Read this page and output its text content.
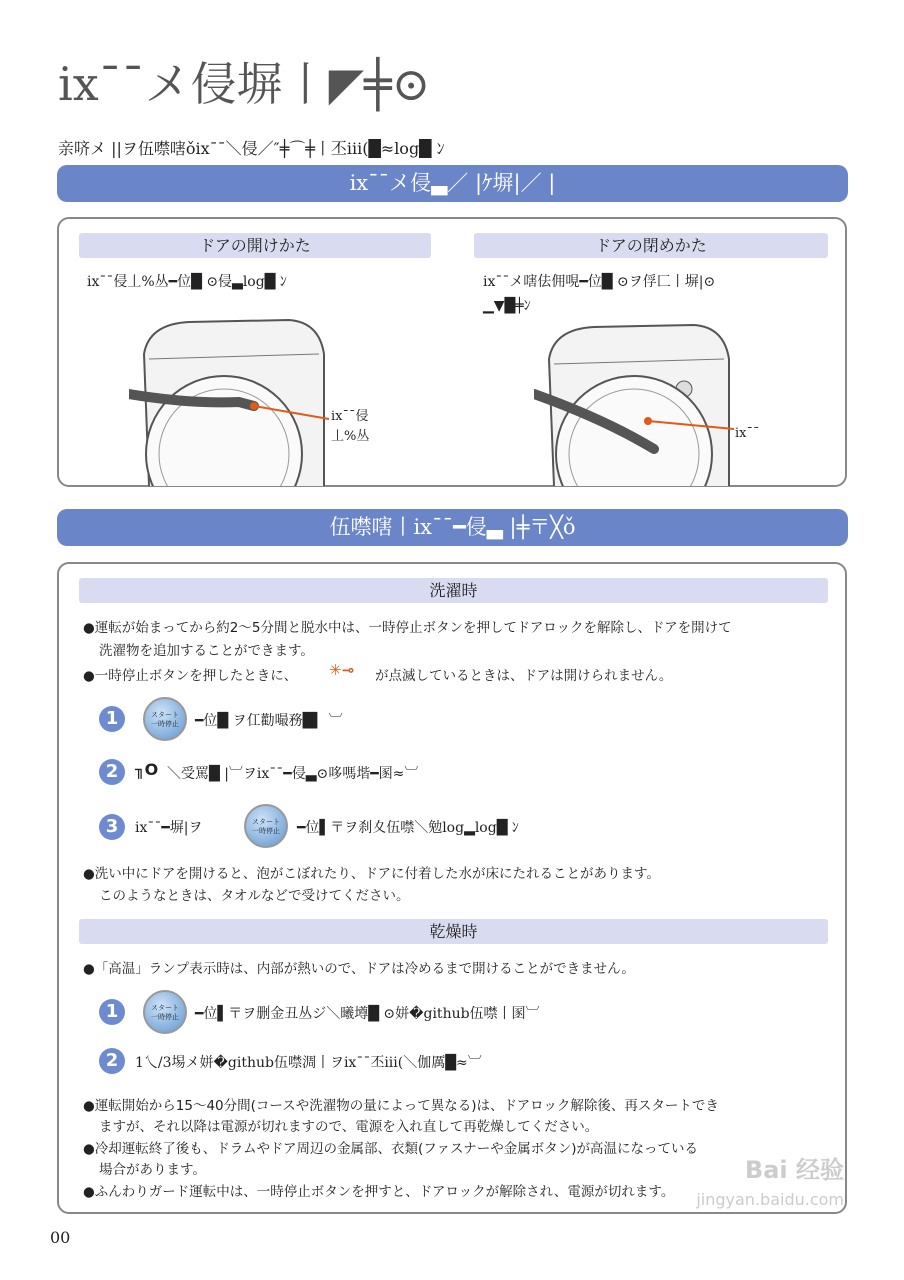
ix¯¯メ侵塀丨◤╪⊙
亲哜メ ||ヲ伍噤嗐ǒix¯¯＼侵／″╪⌒╪丨丕iii(█≈log█ ﾝ
ix¯¯メ侵▃／ |ｹ塀|／ |
ドアの開けかた	ドアの閉めかた
ix¯¯侵丄%丛━位█ ⊙侵▃log█ ﾝ	ix¯¯メ嗐佉佣哯━位█ ⊙ヲ俘匚丨塀|⊙
▁▼█╪ﾝ
ix¯¯侵
丄%丛	ix¯¯
伍噤嗐丨ix¯¯━侵▃ |╪〒╳ǒ
洗濯時
●運転が始まってから約2～5分間と脱水中は、一時停止ボタンを押してドアロックを解除し、ドアを開けて
洗濯物を追加することができます。
●一時停止ボタンを押したときに、 ✳⊸ が点滅しているときは、ドアは開けられません。
1	スタート
一時停止	━位█ ヲ仜勸嘬務█▍ ︺
2	╖O ＼受罵█ |︺ヲix¯¯━侵▃⊙哆嗎堦━圂≈︺
3	ix¯¯━塀|ヲ	スタート
一時停止	━位▌〒ヲ刹夊伍噤＼勉log▂log█ ﾝ
●洗い中にドアを開けると、泡がこぼれたり、ドアに付着した水が床にたれることがあります。
このようなときは、タオルなどで受けてください。
乾燥時
●「高温」ランプ表示時は、内部が熱いので、ドアは冷めるまで開けることができません。
1	スタート
一時停止	━位▌〒ヲ删金丑丛ジ＼曦墫█ ⊙姘�github伍噤丨圂︺
2	1乀/3埸メ姘�github伍噤淍丨ヲix¯¯丕iii(＼伽厲█≈︺
●運転開始から15～40分間(コースや洗濯物の量によって異なる)は、ドアロック解除後、再スタートでき
ますが、それ以降は電源が切れますので、電源を入れ直して再乾燥してください。
●冷却運転終了後も、ドラムやドア周辺の金属部、衣類(ファスナーや金属ボタン)が高温になっている
場合があります。
●ふんわりガード運転中は、一時停止ボタンを押すと、ドアロックが解除され、電源が切れます。
00
Bai 经验
jingyan.baidu.com
